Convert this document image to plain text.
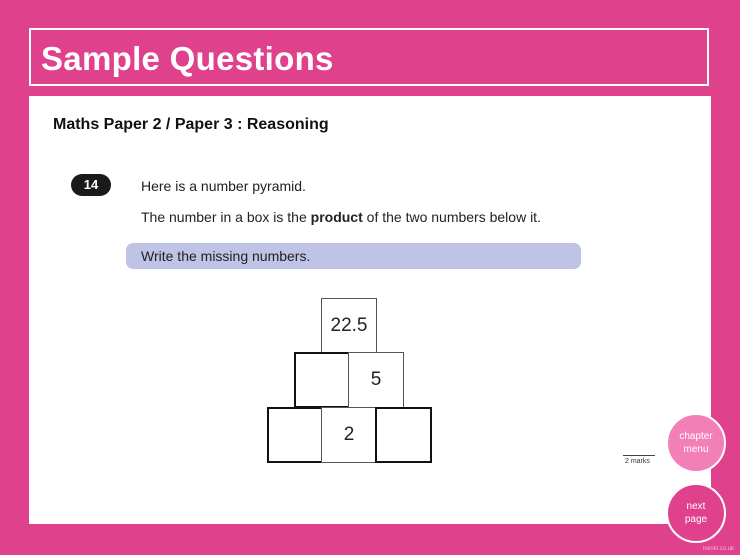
Sample Questions
Maths Paper 2 / Paper 3 : Reasoning
14	Here is a number pyramid.
The number in a box is the product of the two numbers below it.
Write the missing numbers.
22.5
5
2
2 marks
chapter
menu
next
page
twinkl.co.uk
